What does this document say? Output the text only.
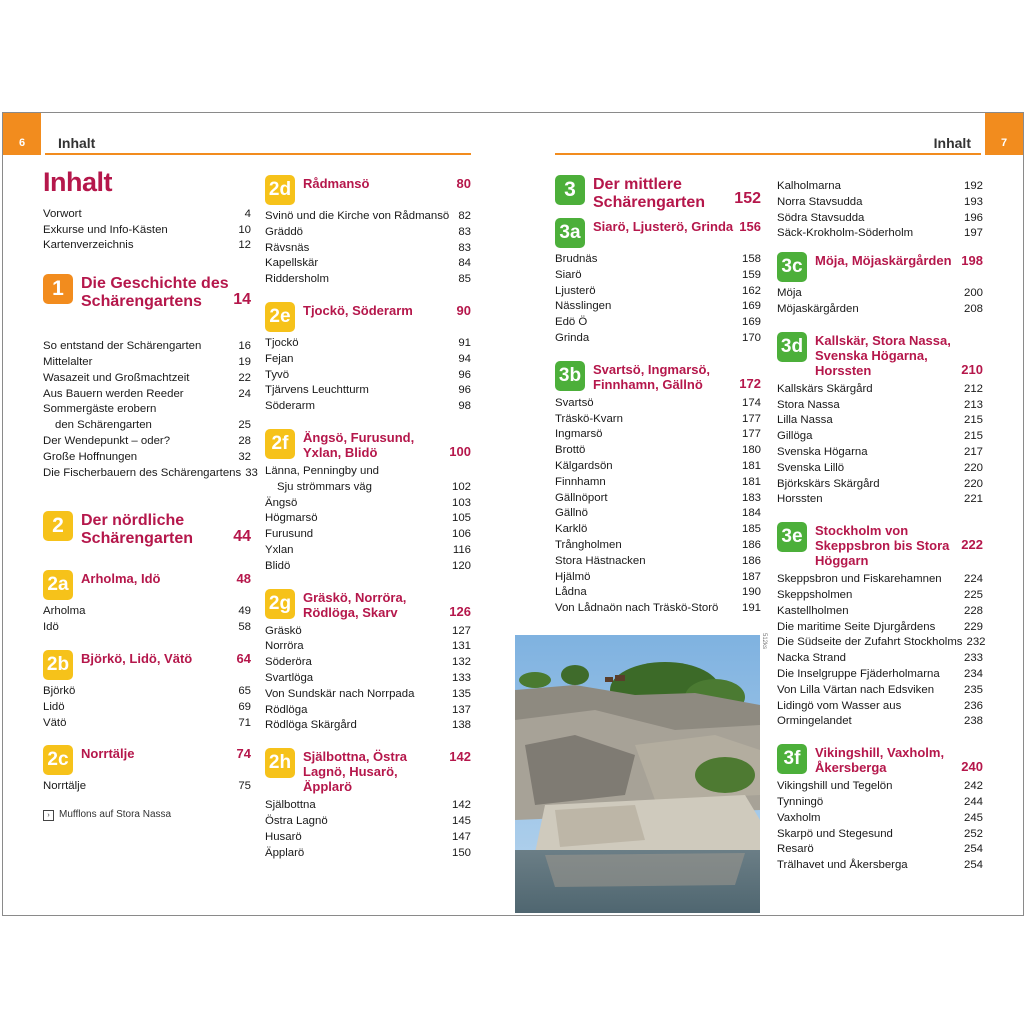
6	Inhalt	7
Inhalt
Inhalt
Vorwort	4
Exkurse und Info-Kästen	10
Kartenverzeichnis	12
1	Die Geschichte des Schärengartens	14
So entstand der Schärengarten	16
Mittelalter	19
Wasazeit und Großmachtzeit	22
Aus Bauern werden Reeder	24
Sommergäste erobern
den Schärengarten	25
Der Wendepunkt – oder?	28
Große Hoffnungen	32
Die Fischerbauern des Schärengartens 33
2	Der nördliche Schärengarten	44
2a Arholma, Idö	48
Arholma	49
Idö	58
2b Björkö, Lidö, Vätö	64
Björkö	65
Lidö	69
Vätö	71
2c Norrtälje	74
Norrtälje	75
› Mufflons auf Stora Nassa
2d Rådmansö	80
Svinö und die Kirche von Rådmansö 82
Gräddö	83
Rävsnäs	83
Kapellskär	84
Riddersholm	85
2e Tjockö, Söderarm	90
Tjockö	91
Fejan	94
Tyvö	96
Tjärvens Leuchtturm	96
Söderarm	98
2f	Ängsö, Furusund, Yxlan, Blidö	100
Länna, Penningby und
Sju strömmars väg	102
Ängsö	103
Högmarsö	105
Furusund	106
Yxlan	116
Blidö	120
2g Gräskö, Norröra, Rödlöga, Skarv	126
Gräskö	127
Norröra	131
Söderöra	132
Svartlöga	133
Von Sundskär nach Norrpada	135
Rödlöga	137
Rödlöga Skärgård	138
2h Själbottna, Östra Lagnö, Husarö, Äpplarö
142
Själbottna	142
Östra Lagnö	145
Husarö	147
Äpplarö	150
3	Der mittlere Schärengarten	152
3a Siarö, Ljusterö, Grinda 156
Brudnäs	158
Siarö	159
Ljusterö	162
Nässlingen	169
Edö Ö	169
Grinda	170
3b Svartsö, Ingmarsö, Finnhamn, Gällnö	172
Svartsö	174
Träskö-Kvarn	177
Ingmarsö	177
Brottö	180
Kälgardsön	181
Finnhamn	181
Gällnöport	183
Gällnö	184
Karklö	185
Trångholmen	186
Stora Hästnacken	186
Hjälmö	187
Lådna	190
Von Lådnaön nach Träskö-Storö	191
512ks
Kalholmarna	192
Norra Stavsudda	193
Södra Stavsudda	196
Säck-Krokholm-Söderholm	197
3c Möja, Möjaskärgården 198
Möja	200
Möjaskärgården	208
3d Kallskär, Stora Nassa, Svenska Högarna, Horssten	210
Kallskärs Skärgård	212
Stora Nassa	213
Lilla Nassa	215
Gillöga	215
Svenska Högarna	217
Svenska Lillö	220
Björkskärs Skärgård	220
Horssten	221
3e Stockholm von Skeppsbron bis Stora Höggarn
222
Skeppsbron und Fiskarehamnen	224
Skeppsholmen	225
Kastellholmen	228
Die maritime Seite Djurgårdens	229
Die Südseite der Zufahrt Stockholms 232
Nacka Strand	233
Die Inselgruppe Fjäderholmarna	234
Von Lilla Värtan nach Edsviken	235
Lidingö vom Wasser aus	236
Ormingelandet	238
3f	Vikingshill, Vaxholm, Åkersberga	240
Vikingshill und Tegelön	242
Tynningö	244
Vaxholm	245
Skarpö und Stegesund	252
Resarö	254
Trälhavet und Åkersberga	254
